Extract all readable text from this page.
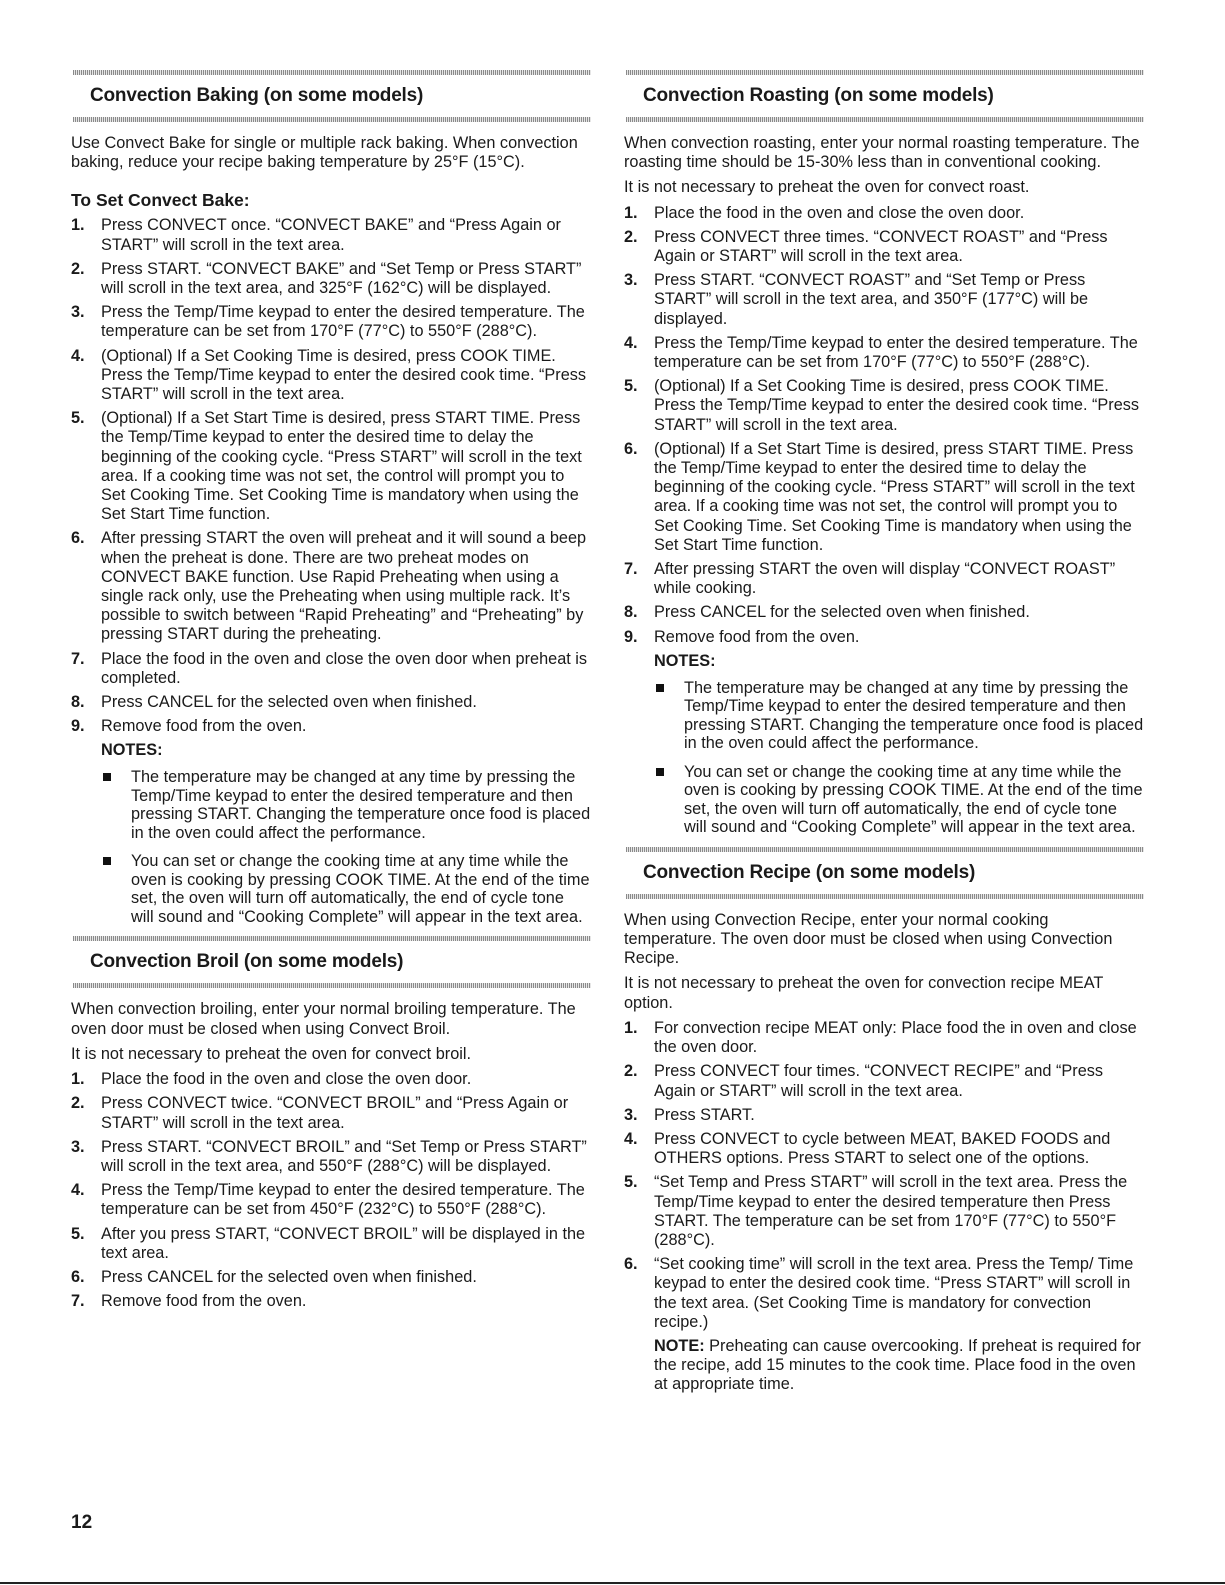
Convection Baking (on some models)

Use Convect Bake for single or multiple rack baking. When convection baking, reduce your recipe baking temperature by 25°F (15°C).

To Set Convect Bake:
1. Press CONVECT once. “CONVECT BAKE” and “Press Again or START” will scroll in the text area.
2. Press START. “CONVECT BAKE” and “Set Temp or Press START” will scroll in the text area, and 325°F (162°C) will be displayed.
3. Press the Temp/Time keypad to enter the desired temperature. The temperature can be set from 170°F (77°C) to 550°F (288°C).
4. (Optional) If a Set Cooking Time is desired, press COOK TIME. Press the Temp/Time keypad to enter the desired cook time. “Press START” will scroll in the text area.
5. (Optional) If a Set Start Time is desired, press START TIME. Press the Temp/Time keypad to enter the desired time to delay the beginning of the cooking cycle. “Press START” will scroll in the text area. If a cooking time was not set, the control will prompt you to Set Cooking Time. Set Cooking Time is mandatory when using the Set Start Time function.
6. After pressing START the oven will preheat and it will sound a beep when the preheat is done. There are two preheat modes on CONVECT BAKE function. Use Rapid Preheating when using a single rack only, use the Preheating when using multiple rack. It’s possible to switch between “Rapid Preheating” and “Preheating” by pressing START during the preheating.
7. Place the food in the oven and close the oven door when preheat is completed.
8. Press CANCEL for the selected oven when finished.
9. Remove food from the oven.
NOTES:
The temperature may be changed at any time by pressing the Temp/Time keypad to enter the desired temperature and then pressing START. Changing the temperature once food is placed in the oven could affect the performance.
You can set or change the cooking time at any time while the oven is cooking by pressing COOK TIME. At the end of the time set, the oven will turn off automatically, the end of cycle tone will sound and “Cooking Complete” will appear in the text area.
Convection Broil (on some models)

When convection broiling, enter your normal broiling temperature. The oven door must be closed when using Convect Broil.

It is not necessary to preheat the oven for convect broil.

1. Place the food in the oven and close the oven door.
2. Press CONVECT twice. “CONVECT BROIL” and “Press Again or START” will scroll in the text area.
3. Press START. “CONVECT BROIL” and “Set Temp or Press START” will scroll in the text area, and 550°F (288°C) will be displayed.
4. Press the Temp/Time keypad to enter the desired temperature. The temperature can be set from 450°F (232°C) to 550°F (288°C).
5. After you press START, “CONVECT BROIL” will be displayed in the text area.
6. Press CANCEL for the selected oven when finished.
7. Remove food from the oven.
Convection Roasting (on some models)

When convection roasting, enter your normal roasting temperature. The roasting time should be 15-30% less than in conventional cooking.

It is not necessary to preheat the oven for convect roast.

1. Place the food in the oven and close the oven door.
2. Press CONVECT three times. “CONVECT ROAST” and “Press Again or START” will scroll in the text area.
3. Press START. “CONVECT ROAST” and “Set Temp or Press START” will scroll in the text area, and 350°F (177°C) will be displayed.
4. Press the Temp/Time keypad to enter the desired temperature. The temperature can be set from 170°F (77°C) to 550°F (288°C).
5. (Optional) If a Set Cooking Time is desired, press COOK TIME. Press the Temp/Time keypad to enter the desired cook time. “Press START” will scroll in the text area.
6. (Optional) If a Set Start Time is desired, press START TIME. Press the Temp/Time keypad to enter the desired time to delay the beginning of the cooking cycle. “Press START” will scroll in the text area. If a cooking time was not set, the control will prompt you to Set Cooking Time. Set Cooking Time is mandatory when using the Set Start Time function.
7. After pressing START the oven will display “CONVECT ROAST” while cooking.
8. Press CANCEL for the selected oven when finished.
9. Remove food from the oven.
NOTES:
The temperature may be changed at any time by pressing the Temp/Time keypad to enter the desired temperature and then pressing START. Changing the temperature once food is placed in the oven could affect the performance.
You can set or change the cooking time at any time while the oven is cooking by pressing COOK TIME. At the end of the time set, the oven will turn off automatically, the end of cycle tone will sound and “Cooking Complete” will appear in the text area.
Convection Recipe (on some models)

When using Convection Recipe, enter your normal cooking temperature. The oven door must be closed when using Convection Recipe.

It is not necessary to preheat the oven for convection recipe MEAT option.

1. For convection recipe MEAT only: Place food the in oven and close the oven door.
2. Press CONVECT four times. “CONVECT RECIPE” and “Press Again or START” will scroll in the text area.
3. Press START.
4. Press CONVECT to cycle between MEAT, BAKED FOODS and OTHERS options. Press START to select one of the options.
5. “Set Temp and Press START” will scroll in the text area. Press the Temp/Time keypad to enter the desired temperature then Press START. The temperature can be set from 170°F (77°C) to 550°F (288°C).
6. “Set cooking time” will scroll in the text area. Press the Temp/ Time keypad to enter the desired cook time. “Press START” will scroll in the text area. (Set Cooking Time is mandatory for convection recipe.)
NOTE: Preheating can cause overcooking. If preheat is required for the recipe, add 15 minutes to the cook time. Place food in the oven at appropriate time.
12
